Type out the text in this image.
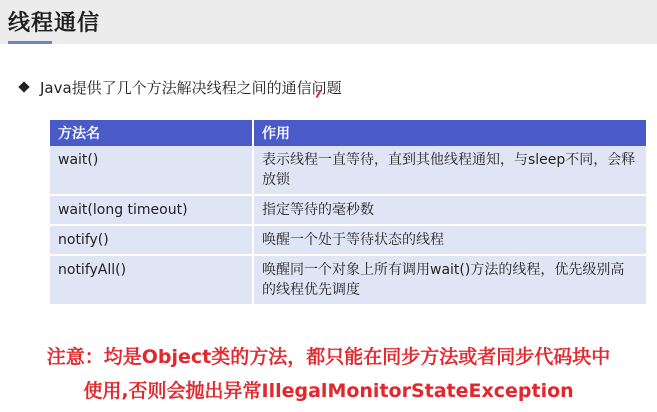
线程通信
Java提供了几个方法解决线程之间的通信问题
方法名	作用
wait()	表示线程一直等待，直到其他线程通知，与sleep不同，会释放锁
wait(long timeout)	指定等待的毫秒数
notify()	唤醒一个处于等待状态的线程
notifyAll()	唤醒同一个对象上所有调用wait()方法的线程，优先级别高的线程优先调度
注意：均是Object类的方法，都只能在同步方法或者同步代码块中
使用,否则会抛出异常IllegalMonitorStateException
